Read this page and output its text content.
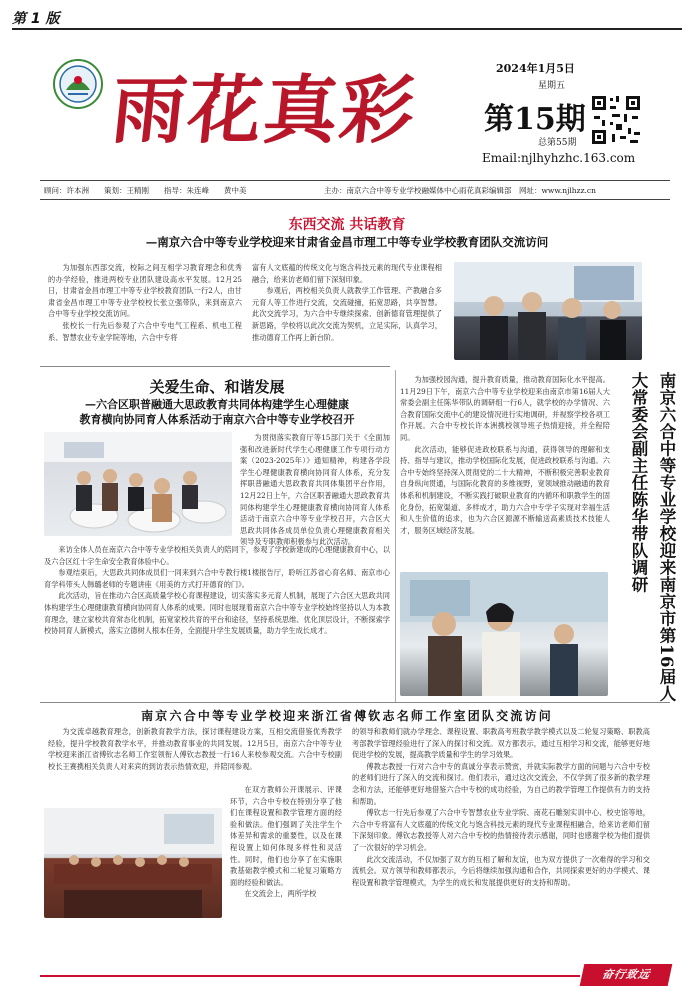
第 1 版
雨花真彩	2024年1月5日
星期五
第15期
总第55期
Email:njlhyhzhc.163.com
顾问：许本洲　　策划：王精刚　　指导：朱连峰　　黄中美	主办：南京六合中等专业学校融媒体中心雨花真彩编辑部　网址：www.njlhzz.cn
东西交流 共话教育
—南京六合中等专业学校迎来甘肃省金昌市理工中等专业学校教育团队交流访问

为加强东西部交流，校际之间互相学习教育理念和优秀的办学经验，推进两校专业团队建设高水平发展。12月25日，甘肃省金昌市理工中等专业学校教育团队一行2人，由甘肃省金昌市理工中等专业学校校长张立强带队，来到南京六合中等专业学校交流访问。

张校长一行先后参观了六合中专电气工程系、机电工程系、智慧农业专业学院等地，六合中专将

富有人文底蕴的传统文化与饱含科技元素的现代专业课程相融合，给来访老师们留下深刻印象。

参观后，两校相关负责人就教学工作管理、产教融合多元育人等工作进行交流，交流碰撞，拓宽思路，共享智慧。此次交流学习，为六合中专继续探索、创新德育管理提供了新思路，学校将以此次交流为契机，立足实际，认真学习，推动德育工作再上新台阶。

关爱生命、和谐发展
—六合区职普融通大思政教育共同体构建学生心理健康
教育横向协同育人体系活动于南京六合中等专业学校召开

为贯彻落实教育厅等15部门关于《全面加强和改进新时代学生心理健康工作专项行动方案（2023-2025年）》通知精神，构建各学段学生心理健康教育横向协同育人体系，充分发挥职普融通大思政教育共同体集团平台作用，12月22日上午，六合区职普融通大思政教育共同体构建学生心理健康教育横向协同育人体系活动于南京六合中等专业学校召开，六合区大思政共同体各成员单位负责心理健康教育相关领导及专职教师积极参与此次活动。

来访全体人员在南京六合中等专业学校相关负责人的陪同下，参观了学校新建成的心理健康教育中心，以及六合区红十字生命安全教育体验中心。

参观结束后，大思政共同体成员们一同来到六合中专教行楼1楼报告厅，聆听江苏省心育名师、南京市心育学科带头人韩璐老师的专题讲座《用美的方式打开德育的门》。

此次活动，旨在推动六合区高质量学校心育课程建设，切实落实多元育人机制，展现了六合区大思政共同体构建学生心理健康教育横向协同育人体系的成果。同时也展现着南京六合中等专业学校始终坚持以人为本教育理念，建立家校共育常态化机制，拓宽家校共育的平台和途径，坚持系统思维、优化顶层设计，不断探索学校协同育人新模式，落实立德树人根本任务，全面提升学生发展质量，助力学生成长成才。

为加强校园沟通，提升教育质量，推动教育国际化水平提高。11月29日下午，南京六合中等专业学校迎来由南京市第16届人大常委会副主任陈华带队的调研组一行6人，就学校的办学情况、六合教育国际交流中心的建设情况进行实地调研，并视察学校各项工作开展。六合中专校长许本洲携校领导班子热情迎接，并全程陪同。

此次活动，能够促进政校联系与沟通，获得领导的理解和支持、指导与建议，推动学校国际化发展，促进政校联系与沟通。六合中专始终坚持深入贯彻党的二十大精神，不断积极完善职业教育自身纵向贯通，与国际化教育的多维视野，宽领域推动融通的教育体系和机制建设，不断实践打破职业教育的内循环和职教学生的固化身份，拓宽渠道、多样成才，助力六合中专学子实现对幸福生活和人生价值的追求，也为六合区源源不断输送高素质技术技能人才，服务区域经济发展。	南京六合中等专业学校迎来南京市第16届人大常委会副主任陈华带队调研
南京六合中等专业学校迎来浙江省傅钦志名师工作室团队交流访问

为交流卓越教育理念，创新教育教学方法，探讨课程建设方案，互相交流借鉴优秀教学经验，提升学校教育教学水平，并推动教育事业的共同发展。12月5日，南京六合中等专业学校迎来浙江省傅钦志名师工作室领衔人傅钦志教授一行16人来校参观交流。六合中专校副校长王赛携相关负责人对来宾的到访表示热情欢迎，并陪同参观。

在双方教师公开课展示、评课环节，六合中专校在特别分享了他们在课程设置和教学管理方面的经验和做法。他们强调了关注学生个体差异和需求的重要性，以及在课程设置上如何体现多样性和灵活性。同时，他们也分享了在实施职教基础教学模式和二轮复习策略方面的经验和做法。

在交流会上，两所学校

的领导和教师们就办学理念、课程设置、职教高考班教学教学模式以及二轮复习策略、职教高考部教学管理经验进行了深入的探讨和交流。双方都表示，通过互相学习和交流，能够更好地促进学校的发展，提高教学质量和学生的学习效果。

傅教志教授一行对六合中专的真诚分享表示赞赏，并就实际教学方面的问题与六合中专校的老师们进行了深入的交流和探讨。他们表示，通过这次交流会，不仅学到了很多新的教学理念和方法，还能够更好地借鉴六合中专校的成功经验，为自己的教学管理工作提供有力的支持和帮助。

傅钦志一行先后参观了六合中专智慧农业专业学院、南花石雕刻实训中心、校史馆等地，六合中专将富有人文底蕴的传统文化与饱含科技元素的现代专业课程相融合，给来访老师们留下深刻印象。傅钦志教授等人对六合中专校的热情接待表示感谢，同时也感谢学校为他们提供了一次很好的学习机会。

此次交流活动，不仅加强了双方的互相了解和友谊，也为双方提供了一次难得的学习和交流机会。双方领导和教师都表示，今后将继续加强沟通和合作，共同探索更好的办学模式、课程设置和教学管理模式，为学生的成长和发展提供更好的支持和帮助。

奋行致远
